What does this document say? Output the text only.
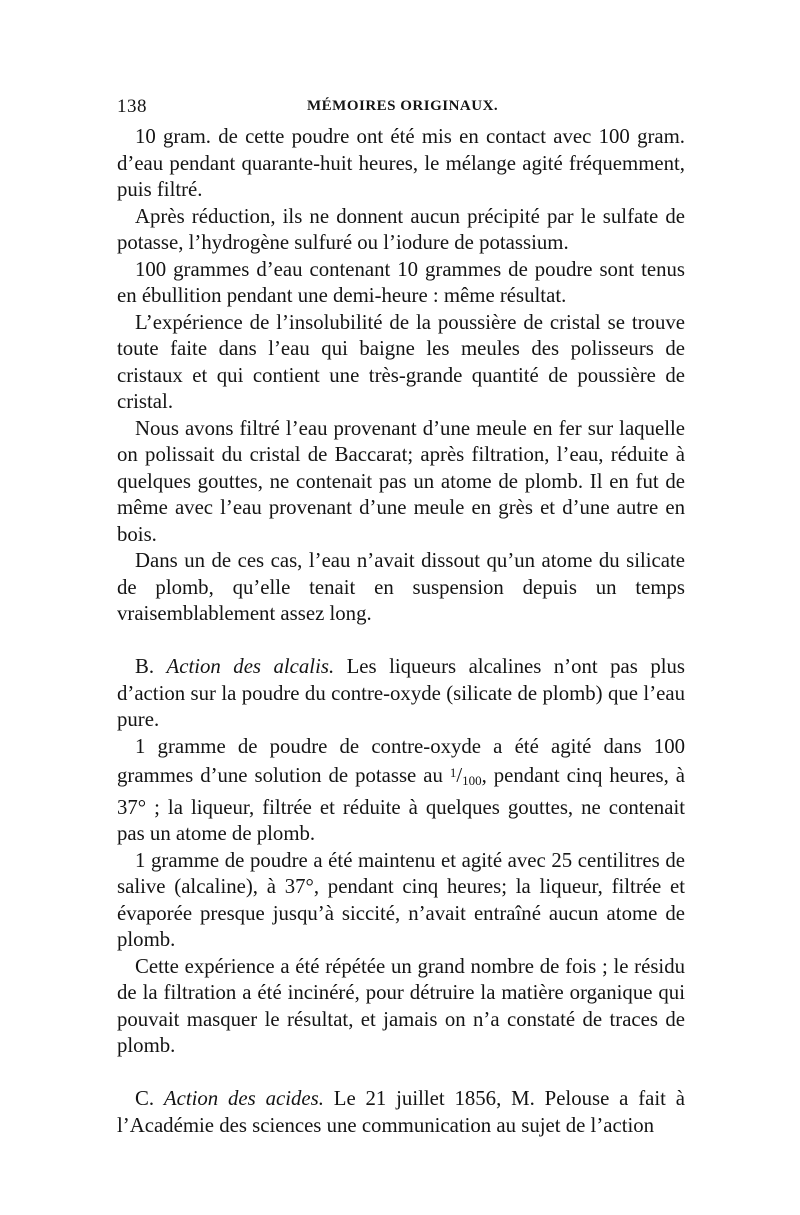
138	MÉMOIRES ORIGINAUX.

10 gram. de cette poudre ont été mis en contact avec 100 gram. d’eau pendant quarante-huit heures, le mélange agité fréquemment, puis filtré.

Après réduction, ils ne donnent aucun précipité par le sulfate de potasse, l’hydrogène sulfuré ou l’iodure de potassium.

100 grammes d’eau contenant 10 grammes de poudre sont tenus en ébullition pendant une demi-heure : même résultat.

L’expérience de l’insolubilité de la poussière de cristal se trouve toute faite dans l’eau qui baigne les meules des polisseurs de cristaux et qui contient une très-grande quantité de poussière de cristal.

Nous avons filtré l’eau provenant d’une meule en fer sur laquelle on polissait du cristal de Baccarat; après filtration, l’eau, réduite à quelques gouttes, ne contenait pas un atome de plomb. Il en fut de même avec l’eau provenant d’une meule en grès et d’une autre en bois.

Dans un de ces cas, l’eau n’avait dissout qu’un atome du silicate de plomb, qu’elle tenait en suspension depuis un temps vraisemblablement assez long.

B. Action des alcalis. Les liqueurs alcalines n’ont pas plus d’action sur la poudre du contre-oxyde (silicate de plomb) que l’eau pure.

1 gramme de poudre de contre-oxyde a été agité dans 100 grammes d’une solution de potasse au $^1$/100, pendant cinq heures, à 37° ; la liqueur, filtrée et réduite à quelques gouttes, ne contenait pas un atome de plomb.

1 gramme de poudre a été maintenu et agité avec 25 centilitres de salive (alcaline), à 37°, pendant cinq heures; la liqueur, filtrée et évaporée presque jusqu’à siccité, n’avait entraîné aucun atome de plomb.

Cette expérience a été répétée un grand nombre de fois ; le résidu de la filtration a été incinéré, pour détruire la matière organique qui pouvait masquer le résultat, et jamais on n’a constaté de traces de plomb.

C. Action des acides. Le 21 juillet 1856, M. Pelouse a fait à l’Académie des sciences une communication au sujet de l’action
